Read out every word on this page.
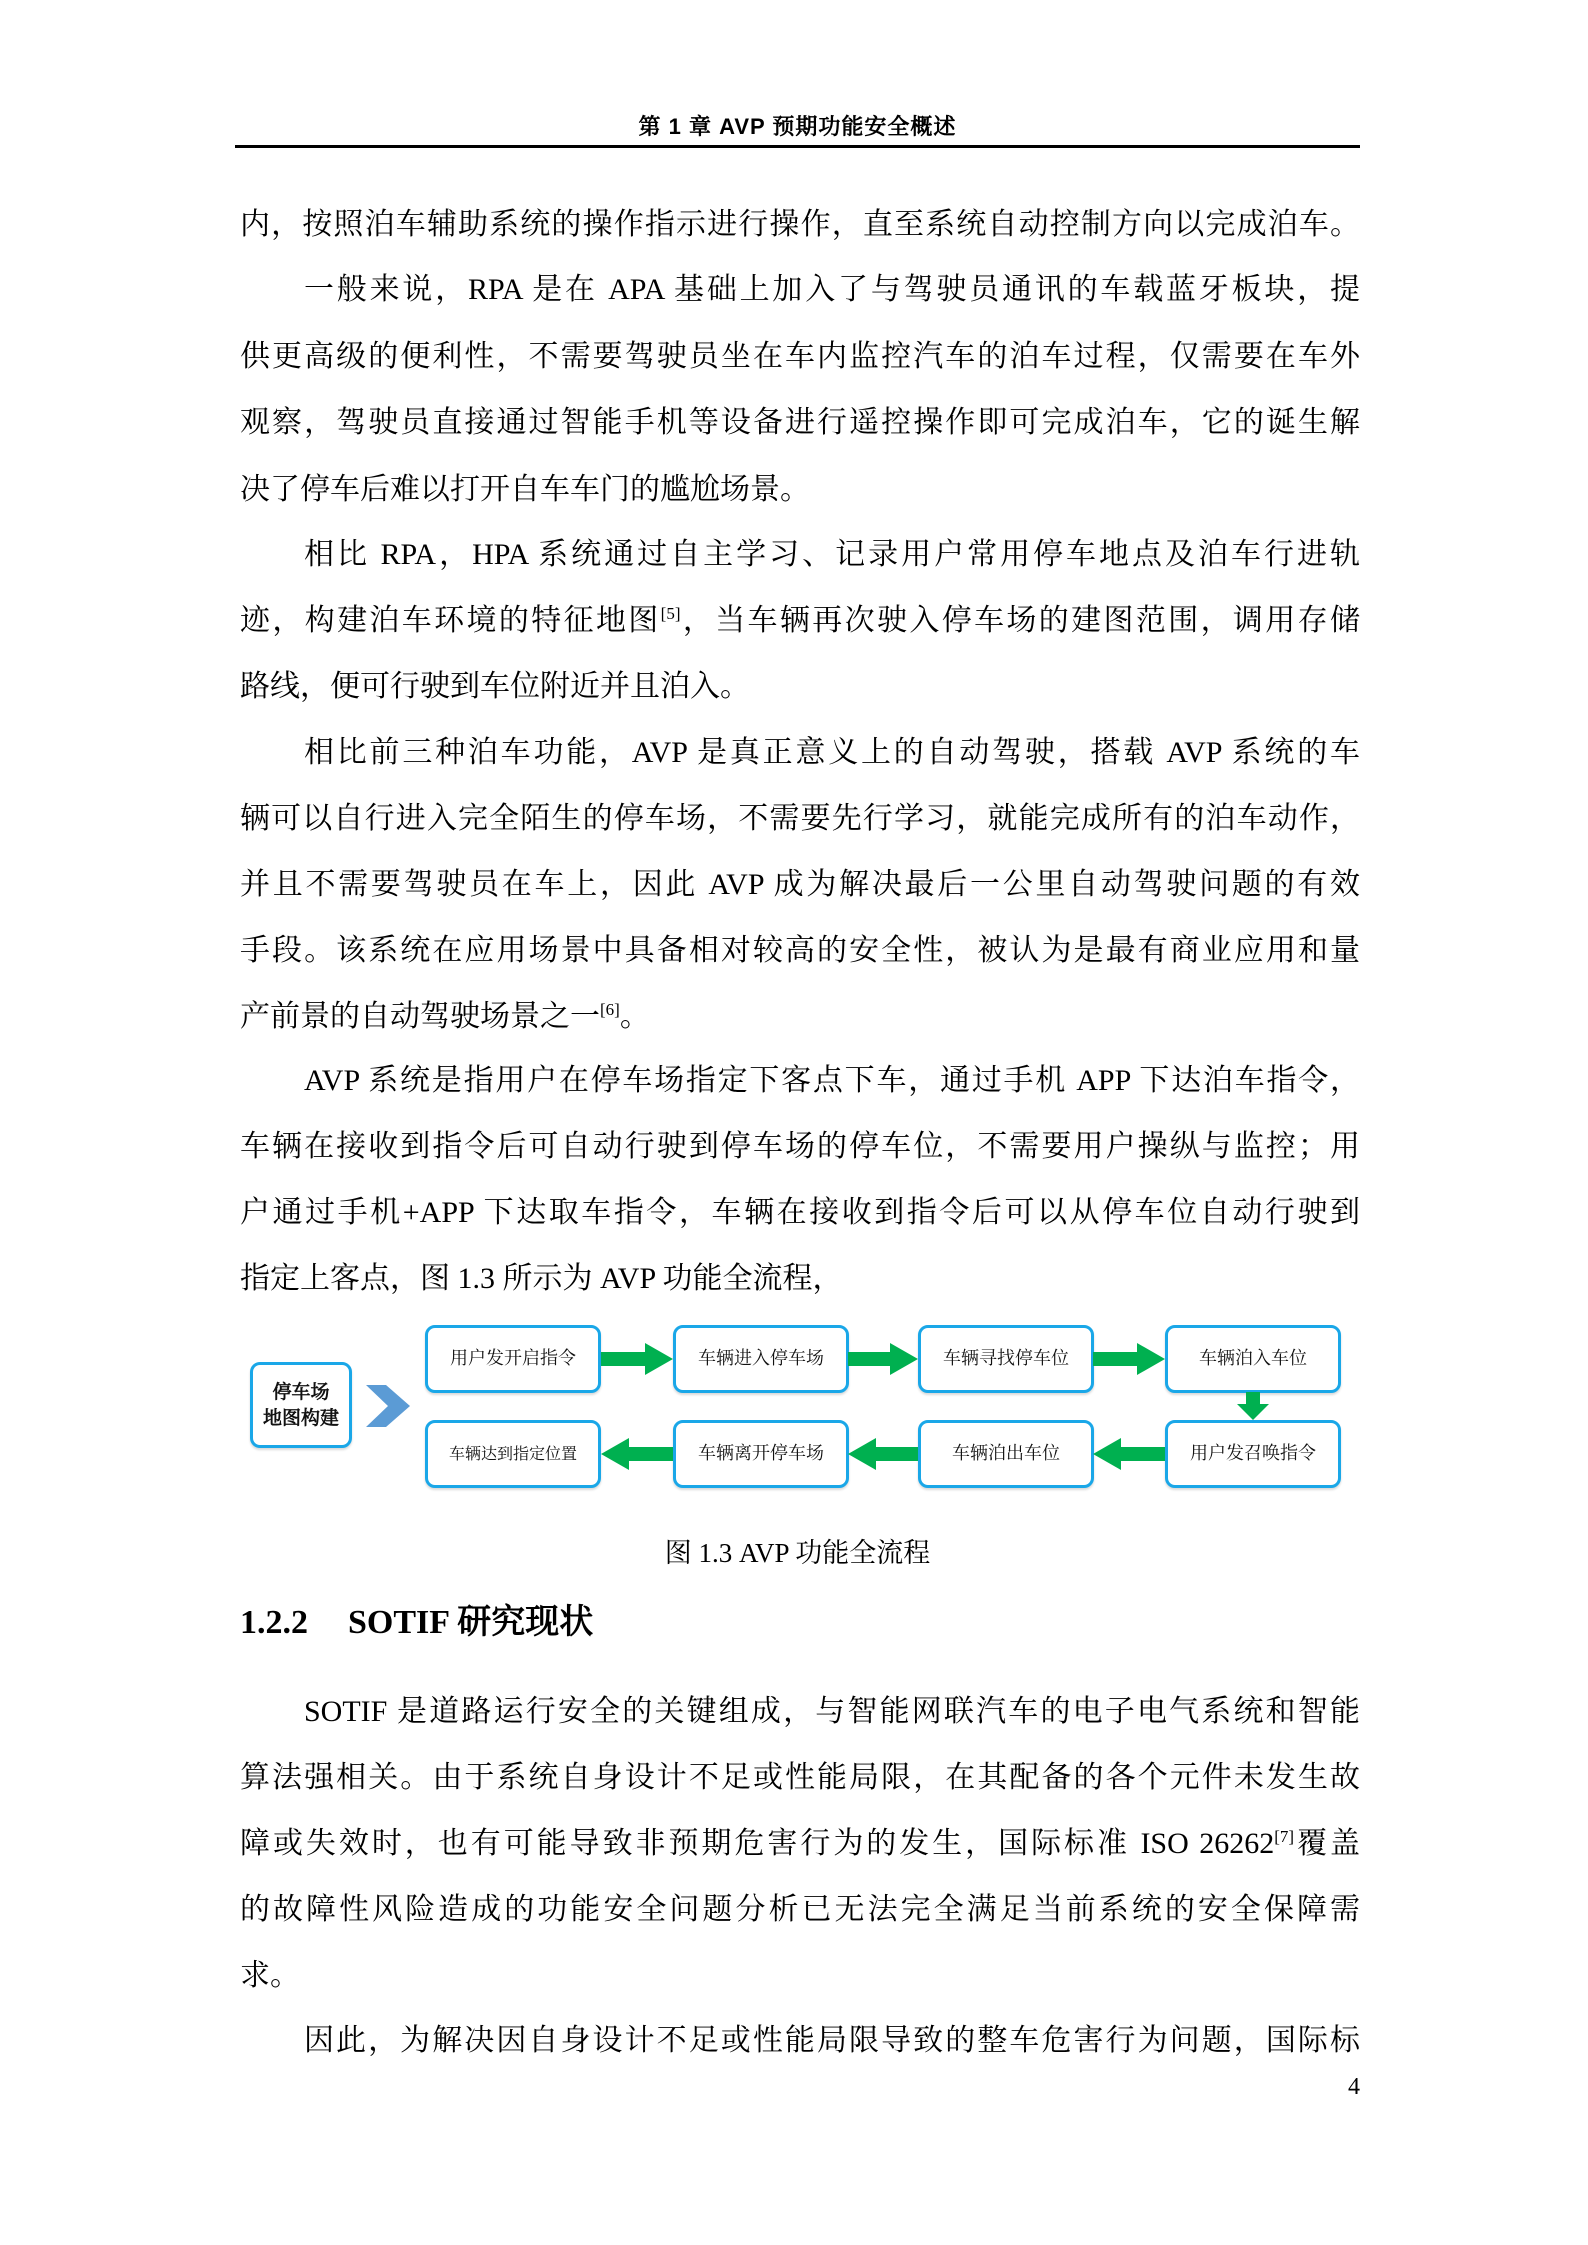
第 1 章 AVP 预期功能安全概述
内，按照泊车辅助系统的操作指示进行操作，直至系统自动控制方向以完成泊车。
一般来说，RPA 是在 APA 基础上加入了与驾驶员通讯的车载蓝牙板块，提
供更高级的便利性，不需要驾驶员坐在车内监控汽车的泊车过程，仅需要在车外
观察，驾驶员直接通过智能手机等设备进行遥控操作即可完成泊车，它的诞生解
决了停车后难以打开自车车门的尴尬场景。
相比 RPA，HPA 系统通过自主学习、记录用户常用停车地点及泊车行进轨
迹，构建泊车环境的特征地图[5]，当车辆再次驶入停车场的建图范围，调用存储
路线，便可行驶到车位附近并且泊入。
相比前三种泊车功能，AVP 是真正意义上的自动驾驶，搭载 AVP 系统的车
辆可以自行进入完全陌生的停车场，不需要先行学习，就能完成所有的泊车动作，
并且不需要驾驶员在车上，因此 AVP 成为解决最后一公里自动驾驶问题的有效
手段。该系统在应用场景中具备相对较高的安全性，被认为是最有商业应用和量
产前景的自动驾驶场景之一[6]。
AVP 系统是指用户在停车场指定下客点下车，通过手机 APP 下达泊车指令，
车辆在接收到指令后可自动行驶到停车场的停车位，不需要用户操纵与监控；用
户通过手机+APP 下达取车指令，车辆在接收到指令后可以从停车位自动行驶到
指定上客点，图 1.3 所示为 AVP 功能全流程，
停车场
地图构建
用户发开启指令	车辆进入停车场	车辆寻找停车位	车辆泊入车位
车辆达到指定位置	车辆离开停车场	车辆泊出车位	用户发召唤指令
图 1.3 AVP 功能全流程
1.2.2 SOTIF 研究现状
SOTIF 是道路运行安全的关键组成，与智能网联汽车的电子电气系统和智能
算法强相关。由于系统自身设计不足或性能局限，在其配备的各个元件未发生故
障或失效时，也有可能导致非预期危害行为的发生，国际标准 ISO 26262[7]覆盖
的故障性风险造成的功能安全问题分析已无法完全满足当前系统的安全保障需
求。
因此，为解决因自身设计不足或性能局限导致的整车危害行为问题，国际标
4
